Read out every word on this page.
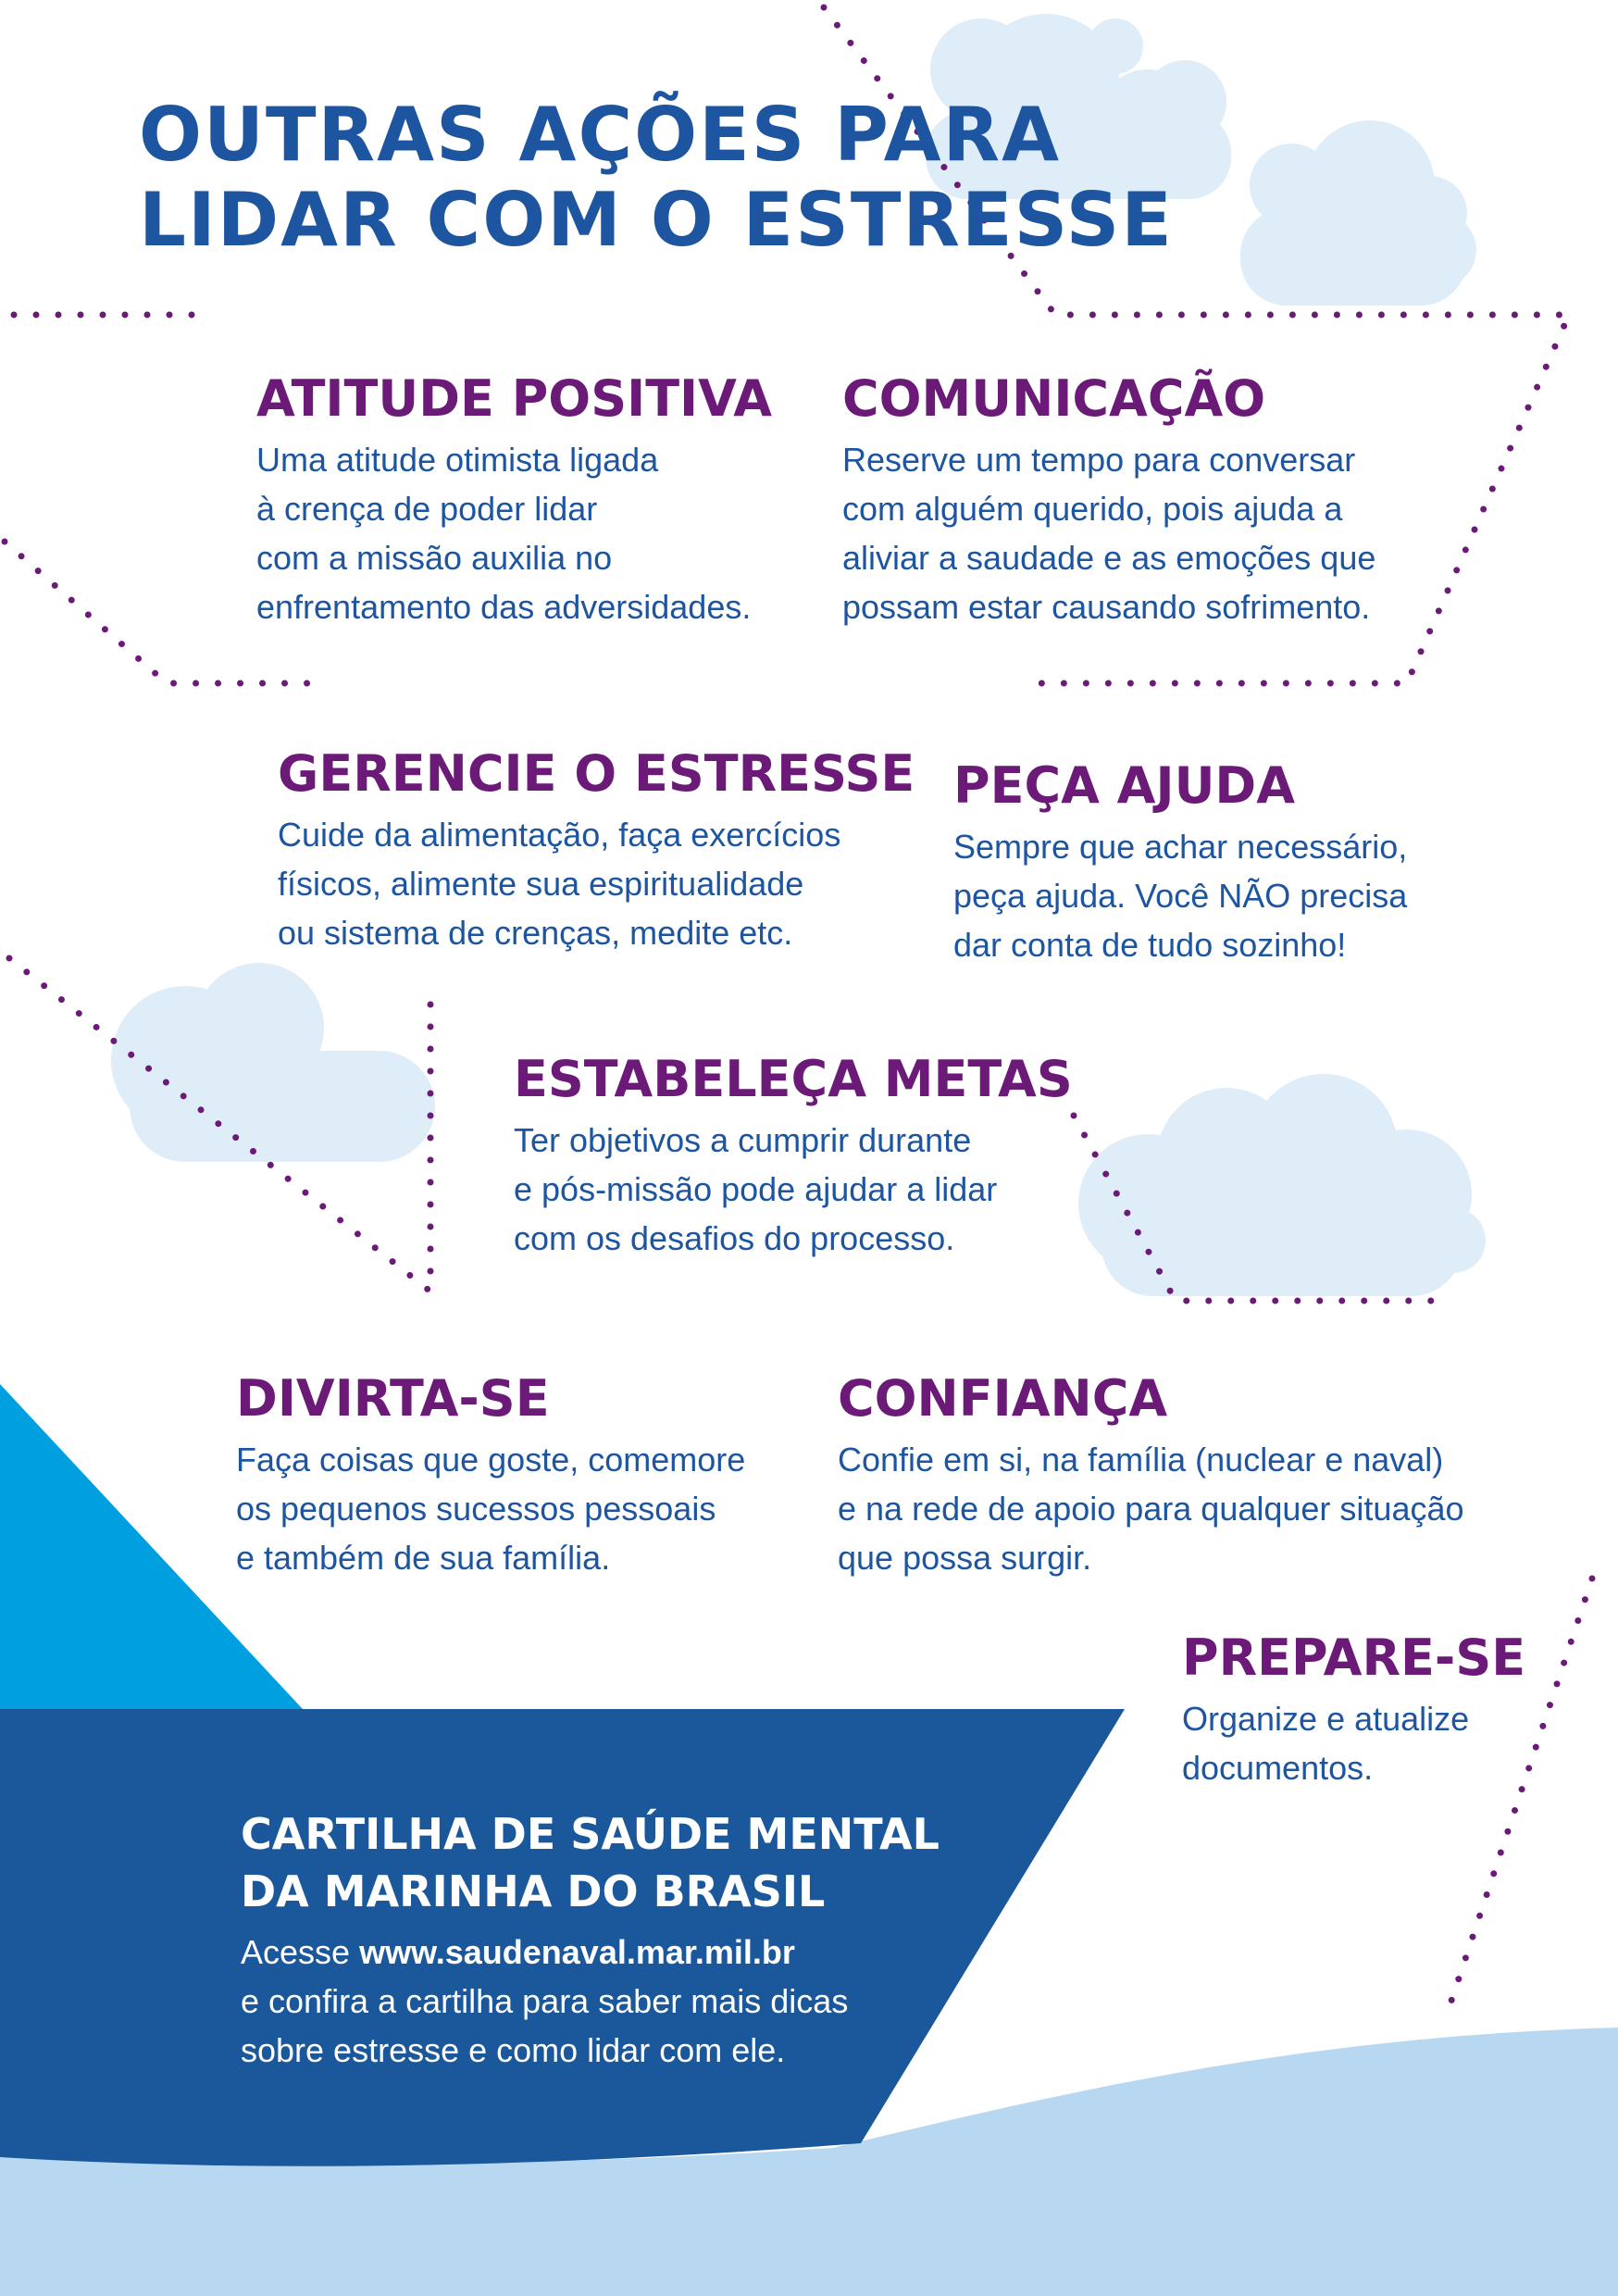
OUTRAS AÇÕES PARA
LIDAR COM O ESTRESSE
ATITUDE POSITIVA

Uma atitude otimista ligada
à crença de poder lidar
com a missão auxilia no
enfrentamento das adversidades.

COMUNICAÇÃO

Reserve um tempo para conversar
com alguém querido, pois ajuda a
aliviar a saudade e as emoções que
possam estar causando sofrimento.

GERENCIE O ESTRESSE

Cuide da alimentação, faça exercícios
físicos, alimente sua espiritualidade
ou sistema de crenças, medite etc.

PEÇA AJUDA

Sempre que achar necessário,
peça ajuda. Você NÃO precisa
dar conta de tudo sozinho!

ESTABELEÇA METAS

Ter objetivos a cumprir durante
e pós-missão pode ajudar a lidar
com os desafios do processo.

DIVIRTA-SE

Faça coisas que goste, comemore
os pequenos sucessos pessoais
e também de sua família.

CONFIANÇA

Confie em si, na família (nuclear e naval)
e na rede de apoio para qualquer situação
que possa surgir.

PREPARE-SE

Organize e atualize
documentos.

CARTILHA DE SAÚDE MENTAL
DA MARINHA DO BRASIL

Acesse www.saudenaval.mar.mil.br
e confira a cartilha para saber mais dicas
sobre estresse e como lidar com ele.
